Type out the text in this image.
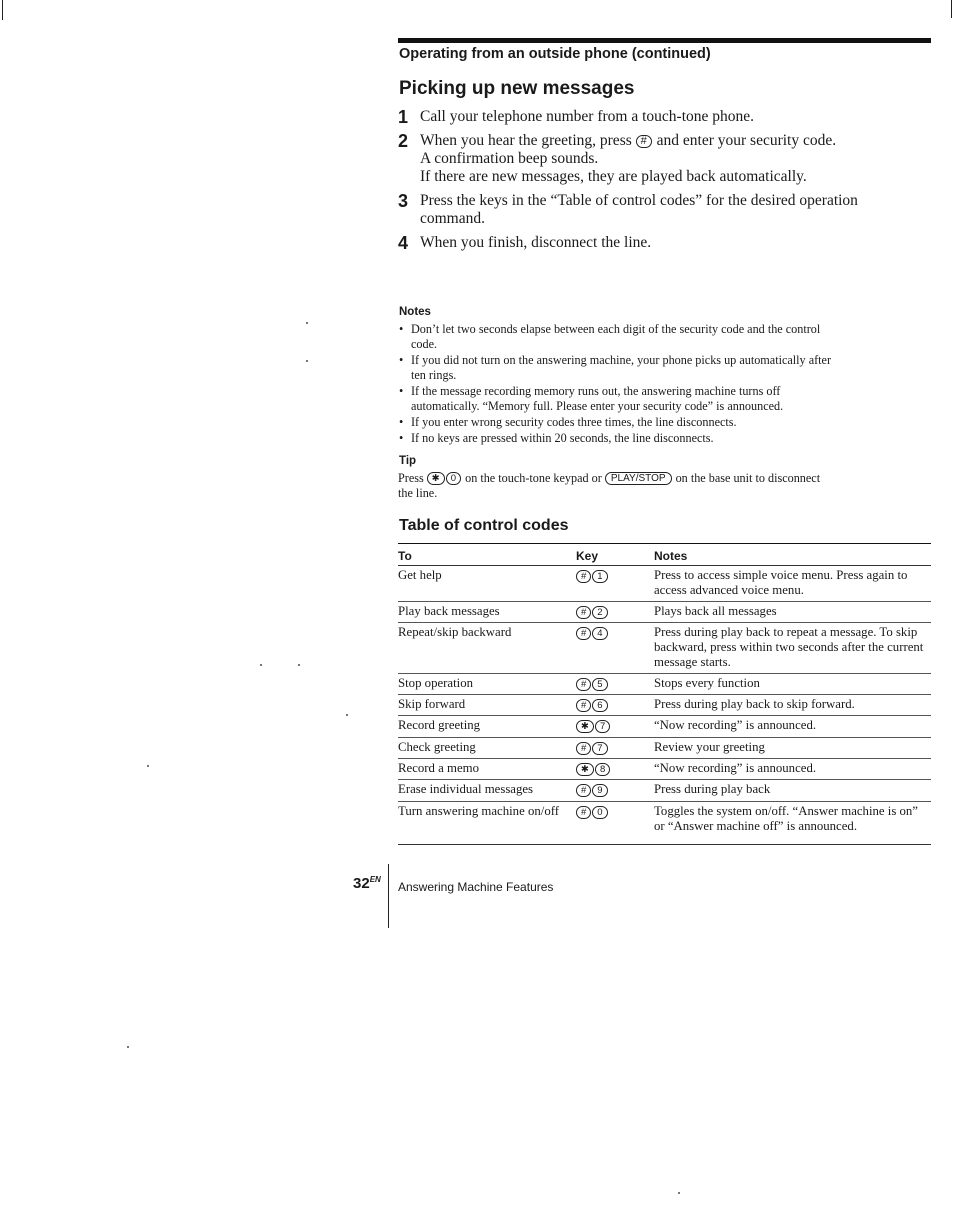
Operating from an outside phone (continued)
Picking up new messages
1 Call your telephone number from a touch-tone phone.

2 When you hear the greeting, press # and enter your security code.

A confirmation beep sounds.

If there are new messages, they are played back automatically.

3 Press the keys in the “Table of control codes” for the desired operation command.

4 When you finish, disconnect the line.

Notes
• Don’t let two seconds elapse between each digit of the security code and the control code.
• If you did not turn on the answering machine, your phone picks up automatically after ten rings.
• If the message recording memory runs out, the answering machine turns off automatically. “Memory full. Please enter your security code” is announced.
• If you enter wrong security codes three times, the line disconnects.
• If no keys are pressed within 20 seconds, the line disconnects.
Tip
Press ✱ 0 on the touch-tone keypad or PLAY/STOP on the base unit to disconnect the line.
Table of control codes
To	Key	Notes
Get help	# 1	Press to access simple voice menu. Press again to access advanced voice menu.
Play back messages	# 2	Plays back all messages
Repeat/skip backward	# 4	Press during play back to repeat a message. To skip backward, press within two seconds after the current message starts.
Stop operation	# 5	Stops every function
Skip forward	# 6	Press during play back to skip forward.
Record greeting	✱ 7	“Now recording” is announced.
Check greeting	# 7	Review your greeting
Record a memo	✱ 8	“Now recording” is announced.
Erase individual messages	# 9	Press during play back
Turn answering machine on/off	# 0	Toggles the system on/off. “Answer machine is on” or “Answer machine off” is announced.
$32^{EN}$
Answering Machine Features
